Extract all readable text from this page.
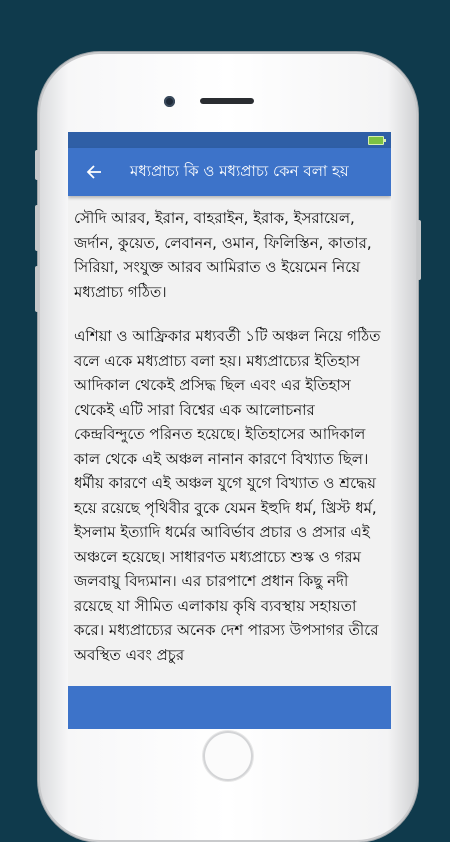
মধ্যপ্রাচ্য কি ও মধ্যপ্রাচ্য কেন বলা হয়

সৌদি আরব, ইরান, বাহরাইন, ইরাক, ইসরায়েল, জর্দান, কুয়েত, লেবানন, ওমান, ফিলিস্তিন, কাতার, সিরিয়া, সংযুক্ত আরব আমিরাত ও ইয়েমেন নিয়ে মধ্যপ্রাচ্য গঠিত।

এশিয়া ও আফ্রিকার মধ্যবর্তী ১টি অঞ্চল নিয়ে গঠিত বলে একে মধ্যপ্রাচ্য বলা হয়। মধ্যপ্রাচ্যের ইতিহাস আদিকাল থেকেই প্রসিদ্ধ ছিল এবং এর ইতিহাস থেকেই এটি সারা বিশ্বের এক আলোচনার কেন্দ্রবিন্দুতে পরিনত হয়েছে। ইতিহাসের আদিকাল কাল থেকে এই অঞ্চল নানান কারণে বিখ্যাত ছিল। ধর্মীয় কারণে এই অঞ্চল যুগে যুগে বিখ্যাত ও শ্রদ্ধেয় হয়ে রয়েছে পৃথিবীর বুকে যেমন ইহুদি ধর্ম, খ্রিস্ট ধর্ম, ইসলাম ইত্যাদি ধর্মের আবির্ভাব প্রচার ও প্রসার এই অঞ্চলে হয়েছে। সাধারণত মধ্যপ্রাচ্যে শুস্ক ও গরম জলবায়ু বিদ্যমান। এর চারপাশে প্রধান কিছু নদী রয়েছে যা সীমিত এলাকায় কৃষি ব্যবস্থায় সহায়তা করে। মধ্যপ্রাচ্যের অনেক দেশ পারস্য উপসাগর তীরে অবস্থিত এবং প্রচুর
